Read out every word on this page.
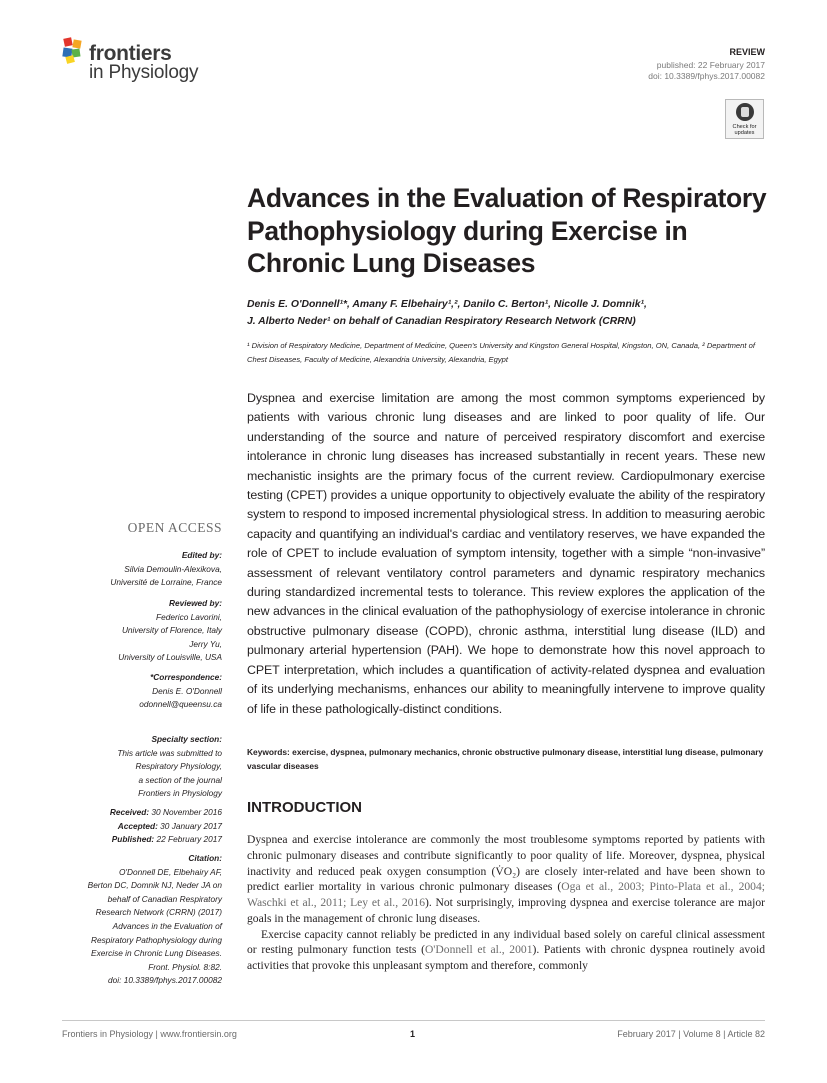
frontiers
in Physiology
REVIEW
published: 22 February 2017
doi: 10.3389/fphys.2017.00082
Check for updates
Advances in the Evaluation of Respiratory Pathophysiology during Exercise in Chronic Lung Diseases
Denis E. O'Donnell¹*, Amany F. Elbehairy¹,², Danilo C. Berton¹, Nicolle J. Domnik¹,
J. Alberto Neder¹ on behalf of Canadian Respiratory Research Network (CRRN)
¹ Division of Respiratory Medicine, Department of Medicine, Queen's University and Kingston General Hospital, Kingston, ON, Canada, ² Department of Chest Diseases, Faculty of Medicine, Alexandria University, Alexandria, Egypt
Dyspnea and exercise limitation are among the most common symptoms experienced by patients with various chronic lung diseases and are linked to poor quality of life. Our understanding of the source and nature of perceived respiratory discomfort and exercise intolerance in chronic lung diseases has increased substantially in recent years. These new mechanistic insights are the primary focus of the current review. Cardiopulmonary exercise testing (CPET) provides a unique opportunity to objectively evaluate the ability of the respiratory system to respond to imposed incremental physiological stress. In addition to measuring aerobic capacity and quantifying an individual's cardiac and ventilatory reserves, we have expanded the role of CPET to include evaluation of symptom intensity, together with a simple “non-invasive” assessment of relevant ventilatory control parameters and dynamic respiratory mechanics during standardized incremental tests to tolerance. This review explores the application of the new advances in the clinical evaluation of the pathophysiology of exercise intolerance in chronic obstructive pulmonary disease (COPD), chronic asthma, interstitial lung disease (ILD) and pulmonary arterial hypertension (PAH). We hope to demonstrate how this novel approach to CPET interpretation, which includes a quantification of activity-related dyspnea and evaluation of its underlying mechanisms, enhances our ability to meaningfully intervene to improve quality of life in these pathologically-distinct conditions.
Keywords: exercise, dyspnea, pulmonary mechanics, chronic obstructive pulmonary disease, interstitial lung disease, pulmonary vascular diseases
INTRODUCTION

Dyspnea and exercise intolerance are commonly the most troublesome symptoms reported by patients with chronic pulmonary diseases and contribute significantly to poor quality of life. Moreover, dyspnea, physical inactivity and reduced peak oxygen consumption (V̇O₂) are closely inter-related and have been shown to predict earlier mortality in various chronic pulmonary diseases (Oga et al., 2003; Pinto-Plata et al., 2004; Waschki et al., 2011; Ley et al., 2016). Not surprisingly, improving dyspnea and exercise tolerance are major goals in the management of chronic lung diseases.

Exercise capacity cannot reliably be predicted in any individual based solely on careful clinical assessment or resting pulmonary function tests (O'Donnell et al., 2001). Patients with chronic dyspnea routinely avoid activities that provoke this unpleasant symptom and therefore, commonly

OPEN ACCESS
Edited by:
Silvia Demoulin-Alexikova,
Université de Lorraine, France
Reviewed by:
Federico Lavorini,
University of Florence, Italy
Jerry Yu,
University of Louisville, USA
*Correspondence:
Denis E. O'Donnell
odonnell@queensu.ca
Specialty section:
This article was submitted to
Respiratory Physiology,
a section of the journal
Frontiers in Physiology
Received: 30 November 2016
Accepted: 30 January 2017
Published: 22 February 2017
Citation:
O'Donnell DE, Elbehairy AF,
Berton DC, Domnik NJ, Neder JA on
behalf of Canadian Respiratory
Research Network (CRRN) (2017)
Advances in the Evaluation of
Respiratory Pathophysiology during
Exercise in Chronic Lung Diseases.
Front. Physiol. 8:82.
doi: 10.3389/fphys.2017.00082
Frontiers in Physiology | www.frontiersin.org	1	February 2017 | Volume 8 | Article 82
